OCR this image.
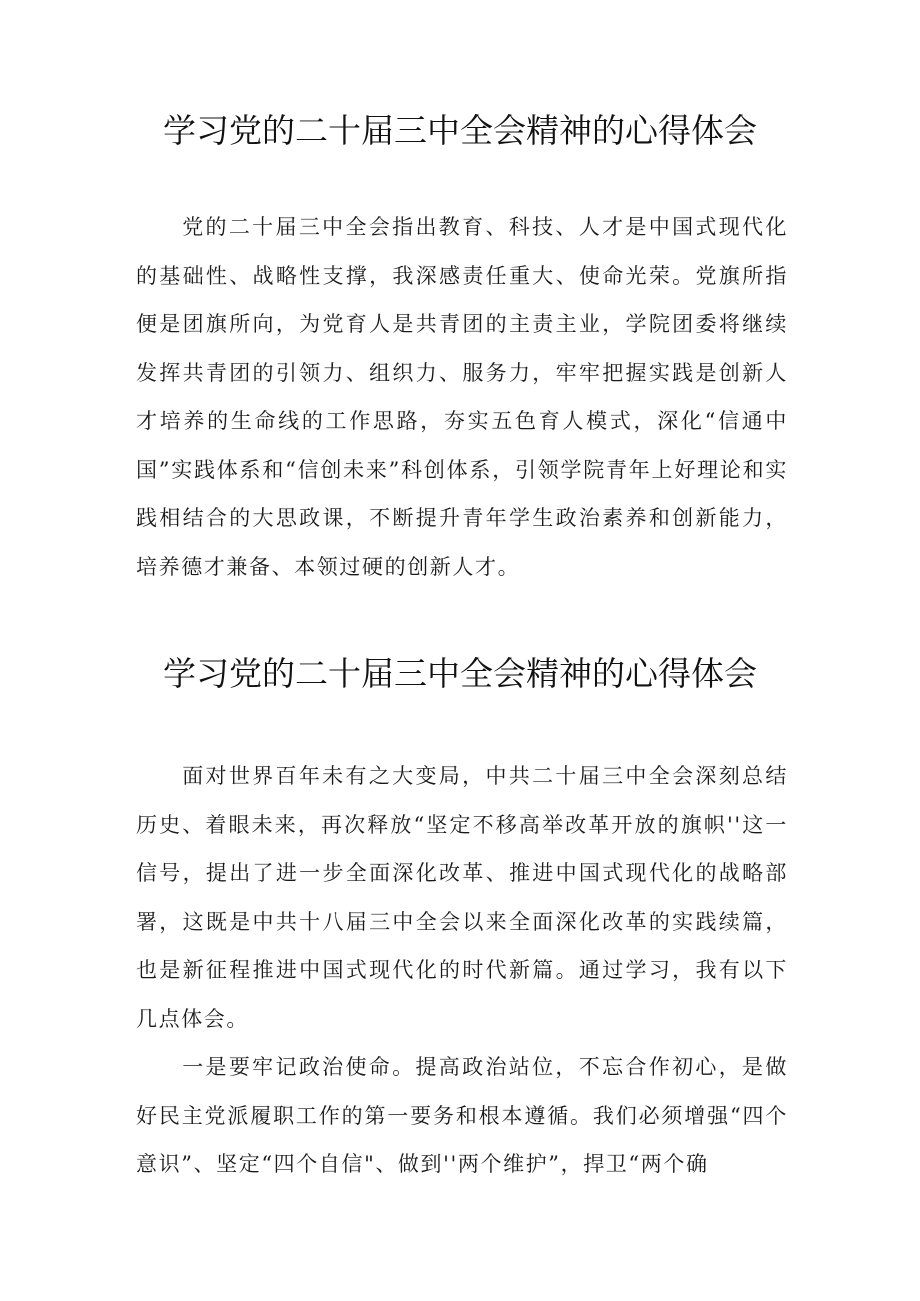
学习党的二十届三中全会精神的心得体会

党的二十届三中全会指出教育、科技、人才是中国式现代化的基础性、战略性支撑，我深感责任重大、使命光荣。党旗所指便是团旗所向，为党育人是共青团的主责主业，学院团委将继续发挥共青团的引领力、组织力、服务力，牢牢把握实践是创新人才培养的生命线的工作思路，夯实五色育人模式，深化“信通中国”实践体系和“信创未来”科创体系，引领学院青年上好理论和实践相结合的大思政课，不断提升青年学生政治素养和创新能力，培养德才兼备、本领过硬的创新人才。

学习党的二十届三中全会精神的心得体会

面对世界百年未有之大变局，中共二十届三中全会深刻总结历史、着眼未来，再次释放“坚定不移高举改革开放的旗帜''这一信号，提出了进一步全面深化改革、推进中国式现代化的战略部署，这既是中共十八届三中全会以来全面深化改革的实践续篇，也是新征程推进中国式现代化的时代新篇。通过学习，我有以下几点体会。

一是要牢记政治使命。提高政治站位，不忘合作初心，是做好民主党派履职工作的第一要务和根本遵循。我们必须增强“四个意识”、坚定“四个自信"、做到''两个维护”，捍卫“两个确
